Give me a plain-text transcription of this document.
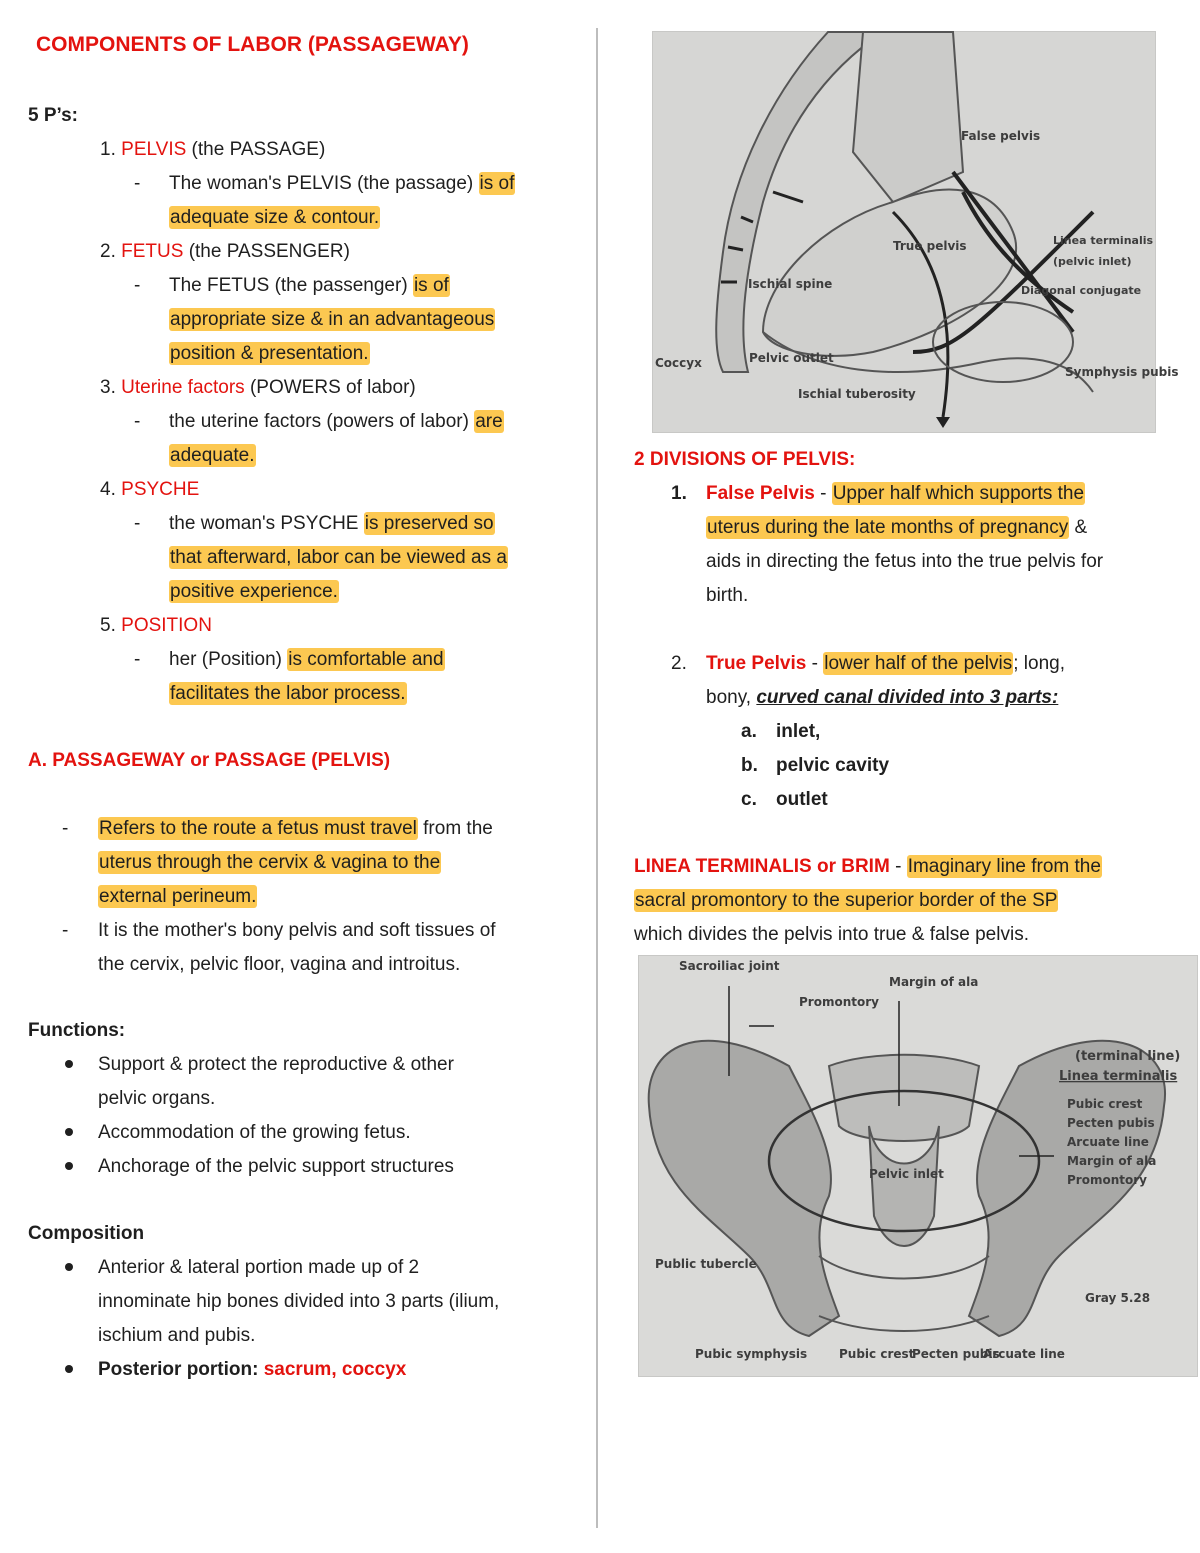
COMPONENTS OF LABOR (PASSAGEWAY)
5 P’s:
1. PELVIS (the PASSAGE)
- The woman's PELVIS (the passage) is of
adequate size & contour.
2. FETUS (the PASSENGER)
- The FETUS (the passenger) is of
appropriate size & in an advantageous
position & presentation.
3. Uterine factors (POWERS of labor)
- the uterine factors (powers of labor) are
adequate.
4. PSYCHE
- the woman's PSYCHE is preserved so
that afterward, labor can be viewed as a
positive experience.
5. POSITION
- her (Position) is comfortable and
facilitates the labor process.
A. PASSAGEWAY or PASSAGE (PELVIS)
- Refers to the route a fetus must travel from the
uterus through the cervix & vagina to the
external perineum.
- It is the mother's bony pelvis and soft tissues of
the cervix, pelvic floor, vagina and introitus.
Functions:
Support & protect the reproductive & other
pelvic organs.
Accommodation of the growing fetus.
Anchorage of the pelvic support structures
Composition
Anterior & lateral portion made up of 2
innominate hip bones divided into 3 parts (ilium,
ischium and pubis.
Posterior portion: sacrum, coccyx
False pelvis
True pelvis	Linea terminalis
(pelvic inlet)
Diagonal conjugate
Ischial spine
Coccyx	Pelvic outlet
Ischial tuberosity
Symphysis pubis
2 DIVISIONS OF PELVIS:
1. False Pelvis - Upper half which supports the
uterus during the late months of pregnancy &
aids in directing the fetus into the true pelvis for
birth.
2. True Pelvis - lower half of the pelvis; long,
bony, curved canal divided into 3 parts:
a. inlet,
b. pelvic cavity
c. outlet
LINEA TERMINALIS or BRIM - Imaginary line from the
sacral promontory to the superior border of the SP
which divides the pelvis into true & false pelvis.
Sacroiliac joint
Promontory
Margin of ala
(terminal line)
Linea terminalis
Pubic crest
Pecten pubis
Arcuate line
Margin of ala
Promontory
Pelvic inlet
Public tubercle
Gray 5.28
Pubic symphysis	Pubic crest
Pecten pubis
Arcuate line
